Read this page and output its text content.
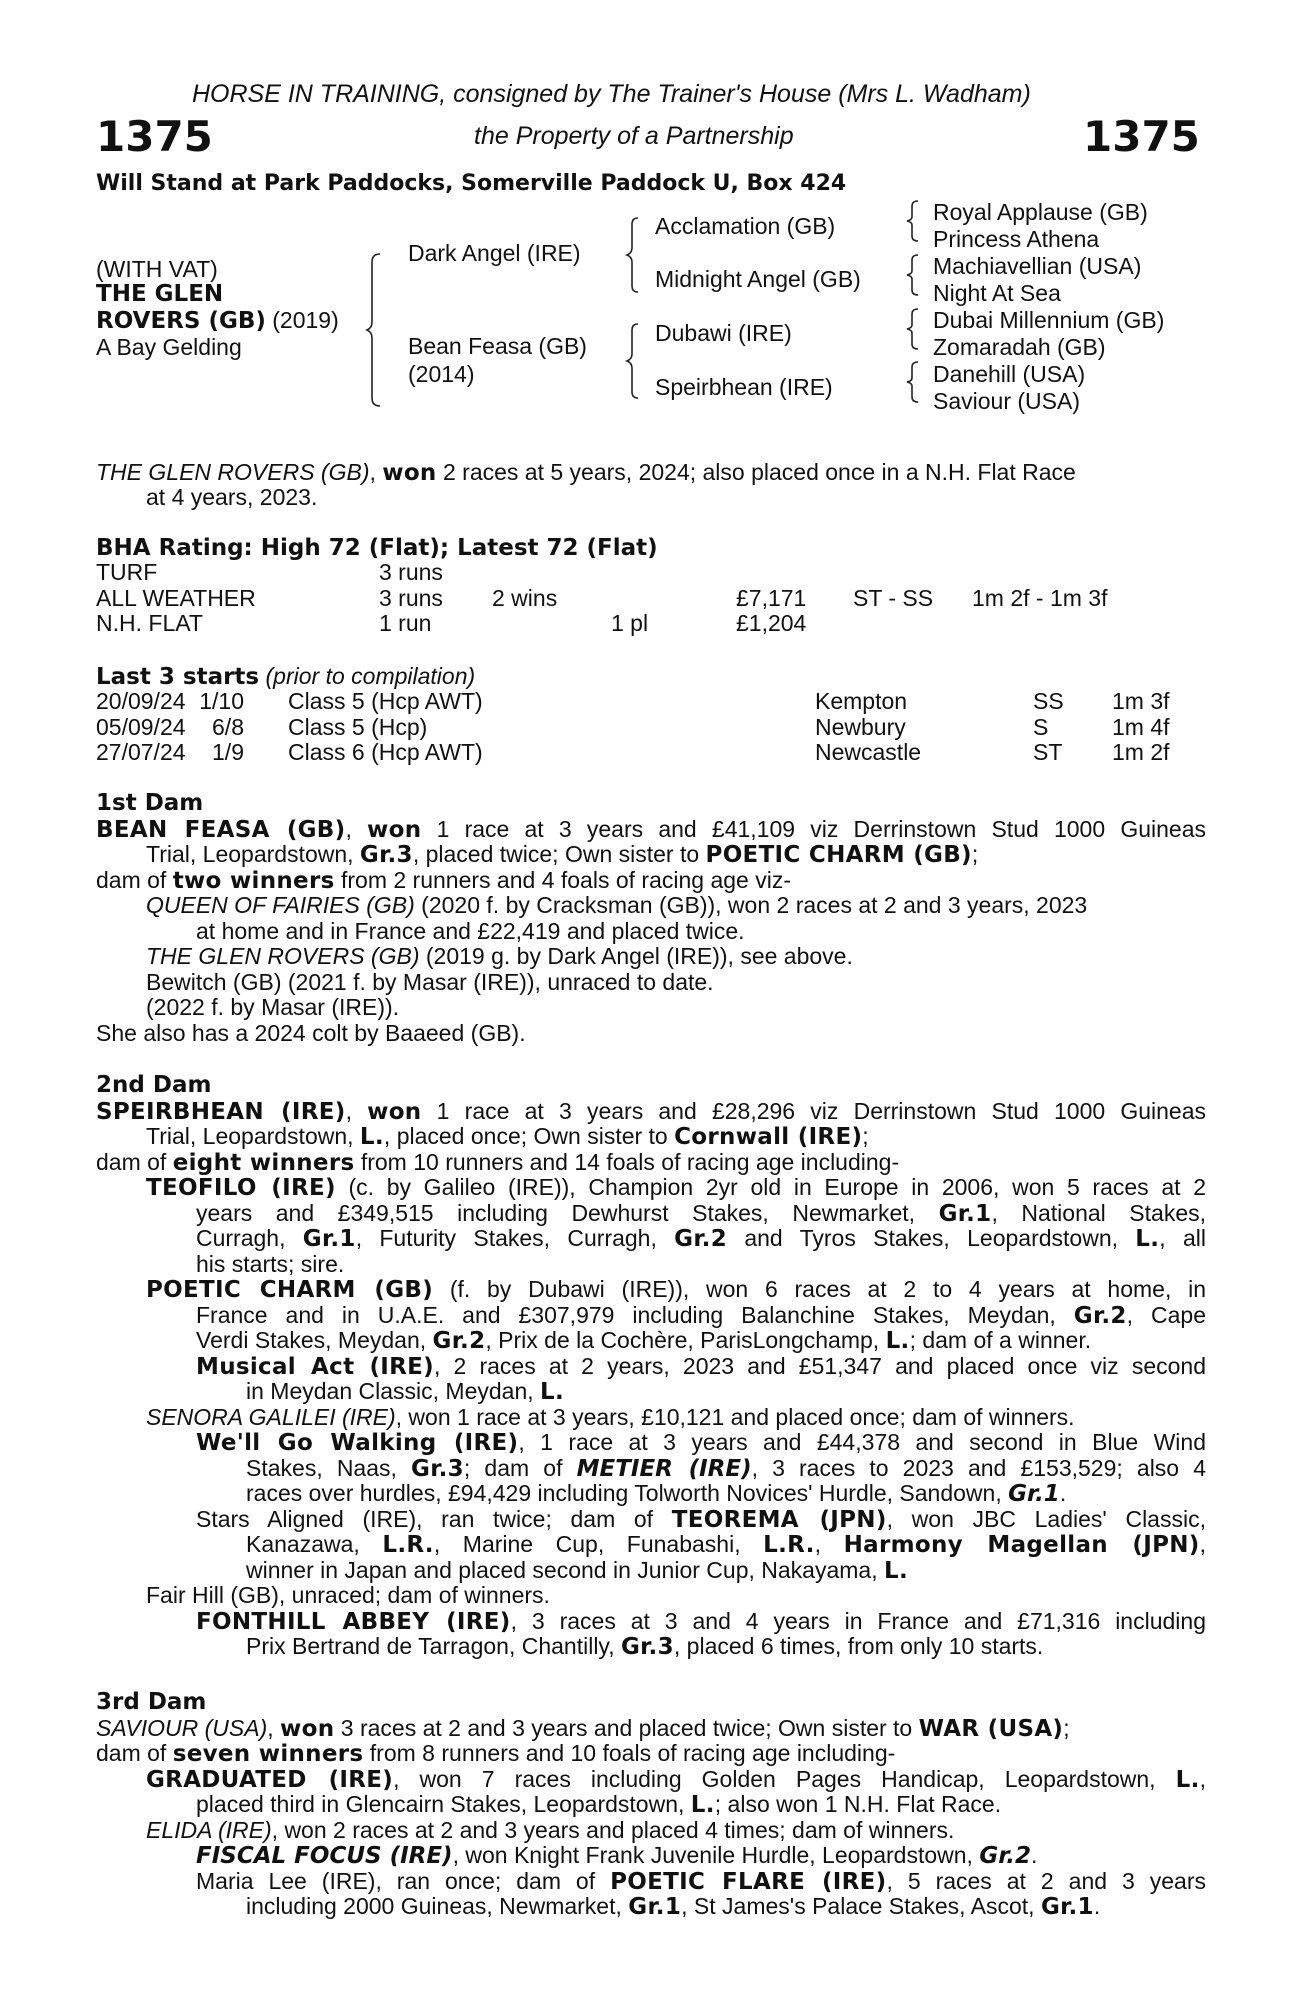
HORSE IN TRAINING, consigned by The Trainer's House (Mrs L. Wadham)
1375	the Property of a Partnership	1375
Will Stand at Park Paddocks, Somerville Paddock U, Box 424
(WITH VAT)
THE GLEN
ROVERS (GB) (2019)
A Bay Gelding
Dark Angel (IRE)
Bean Feasa (GB)
(2014)
Acclamation (GB)
Midnight Angel (GB)
Dubawi (IRE)
Speirbhean (IRE)
Royal Applause (GB)
Princess Athena
Machiavellian (USA)
Night At Sea
Dubai Millennium (GB)
Zomaradah (GB)
Danehill (USA)
Saviour (USA)
THE GLEN ROVERS (GB), won 2 races at 5 years, 2024; also placed once in a N.H. Flat Race
at 4 years, 2023.
BHA Rating: High 72 (Flat); Latest 72 (Flat)
TURF	3 runs
ALL WEATHER	3 runs 2 wins	£7,171 ST - SS 1m 2f - 1m 3f
N.H. FLAT	1 run	1 pl	£1,204
Last 3 starts (prior to compilation)
20/09/24 1/10 Class 5 (Hcp AWT)	Kempton	SS 1m 3f
05/09/24 6/8 Class 5 (Hcp)	Newbury	S	1m 4f
27/07/24 1/9 Class 6 (Hcp AWT)	Newcastle	ST 1m 2f
1st Dam
BEAN FEASA (GB), won 1 race at 3 years and £41,109 viz Derrinstown Stud 1000 Guineas
Trial, Leopardstown, Gr.3, placed twice; Own sister to POETIC CHARM (GB);
dam of two winners from 2 runners and 4 foals of racing age viz-
QUEEN OF FAIRIES (GB) (2020 f. by Cracksman (GB)), won 2 races at 2 and 3 years, 2023
at home and in France and £22,419 and placed twice.
THE GLEN ROVERS (GB) (2019 g. by Dark Angel (IRE)), see above.
Bewitch (GB) (2021 f. by Masar (IRE)), unraced to date.
(2022 f. by Masar (IRE)).
She also has a 2024 colt by Baaeed (GB).
2nd Dam
SPEIRBHEAN (IRE), won 1 race at 3 years and £28,296 viz Derrinstown Stud 1000 Guineas
Trial, Leopardstown, L., placed once; Own sister to Cornwall (IRE);
dam of eight winners from 10 runners and 14 foals of racing age including-
TEOFILO (IRE) (c. by Galileo (IRE)), Champion 2yr old in Europe in 2006, won 5 races at 2
years and £349,515 including Dewhurst Stakes, Newmarket, Gr.1, National Stakes,
Curragh, Gr.1, Futurity Stakes, Curragh, Gr.2 and Tyros Stakes, Leopardstown, L., all
his starts; sire.
POETIC CHARM (GB) (f. by Dubawi (IRE)), won 6 races at 2 to 4 years at home, in
France and in U.A.E. and £307,979 including Balanchine Stakes, Meydan, Gr.2, Cape
Verdi Stakes, Meydan, Gr.2, Prix de la Cochère, ParisLongchamp, L.; dam of a winner.
Musical Act (IRE), 2 races at 2 years, 2023 and £51,347 and placed once viz second
in Meydan Classic, Meydan, L.
SENORA GALILEI (IRE), won 1 race at 3 years, £10,121 and placed once; dam of winners.
We'll Go Walking (IRE), 1 race at 3 years and £44,378 and second in Blue Wind
Stakes, Naas, Gr.3; dam of METIER (IRE), 3 races to 2023 and £153,529; also 4
races over hurdles, £94,429 including Tolworth Novices' Hurdle, Sandown, Gr.1.
Stars Aligned (IRE), ran twice; dam of TEOREMA (JPN), won JBC Ladies' Classic,
Kanazawa, L.R., Marine Cup, Funabashi, L.R., Harmony Magellan (JPN),
winner in Japan and placed second in Junior Cup, Nakayama, L.
Fair Hill (GB), unraced; dam of winners.
FONTHILL ABBEY (IRE), 3 races at 3 and 4 years in France and £71,316 including
Prix Bertrand de Tarragon, Chantilly, Gr.3, placed 6 times, from only 10 starts.
3rd Dam
SAVIOUR (USA), won 3 races at 2 and 3 years and placed twice; Own sister to WAR (USA);
dam of seven winners from 8 runners and 10 foals of racing age including-
GRADUATED (IRE), won 7 races including Golden Pages Handicap, Leopardstown, L.,
placed third in Glencairn Stakes, Leopardstown, L.; also won 1 N.H. Flat Race.
ELIDA (IRE), won 2 races at 2 and 3 years and placed 4 times; dam of winners.
FISCAL FOCUS (IRE), won Knight Frank Juvenile Hurdle, Leopardstown, Gr.2.
Maria Lee (IRE), ran once; dam of POETIC FLARE (IRE), 5 races at 2 and 3 years
including 2000 Guineas, Newmarket, Gr.1, St James's Palace Stakes, Ascot, Gr.1.
